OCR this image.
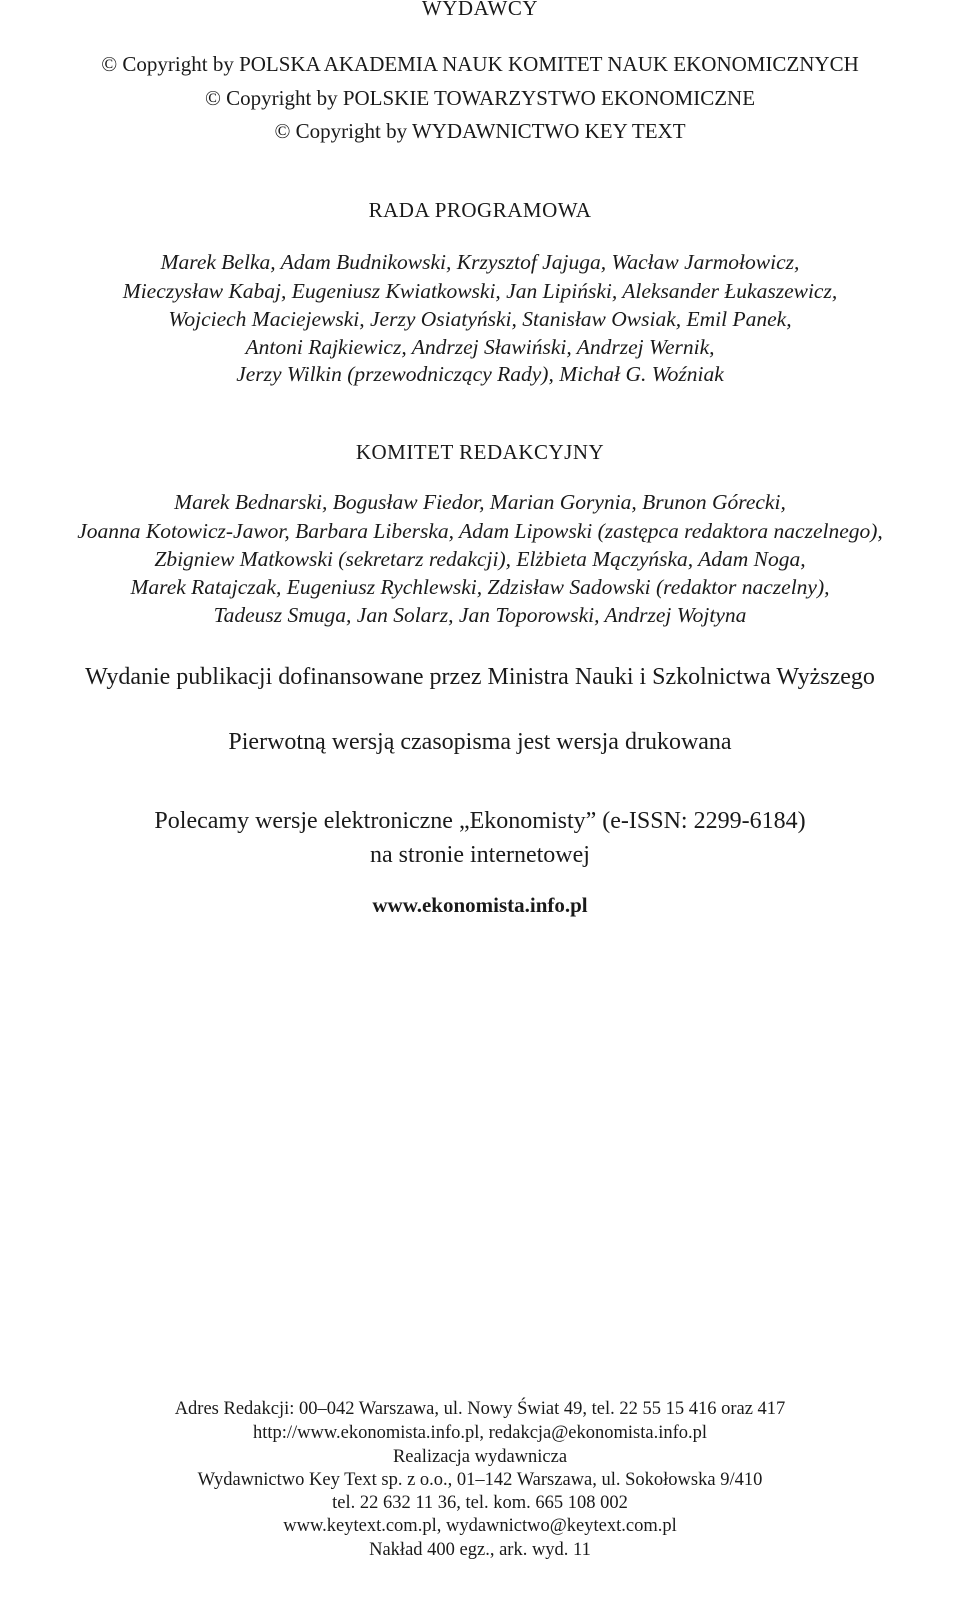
WYDAWCY
© Copyright by POLSKA AKADEMIA NAUK KOMITET NAUK EKONOMICZNYCH
© Copyright by POLSKIE TOWARZYSTWO EKONOMICZNE
© Copyright by WYDAWNICTWO KEY TEXT
RADA PROGRAMOWA
Marek Belka, Adam Budnikowski, Krzysztof Jajuga, Wacław Jarmołowicz,
Mieczysław Kabaj, Eugeniusz Kwiatkowski, Jan Lipiński, Aleksander Łukaszewicz,
Wojciech Maciejewski, Jerzy Osiatyński, Stanisław Owsiak, Emil Panek,
Antoni Rajkiewicz, Andrzej Sławiński, Andrzej Wernik,
Jerzy Wilkin (przewodniczący Rady), Michał G. Woźniak
KOMITET REDAKCYJNY
Marek Bednarski, Bogusław Fiedor, Marian Gorynia, Brunon Górecki,
Joanna Kotowicz-Jawor, Barbara Liberska, Adam Lipowski (zastępca redaktora naczelnego),
Zbigniew Matkowski (sekretarz redakcji), Elżbieta Mączyńska, Adam Noga,
Marek Ratajczak, Eugeniusz Rychlewski, Zdzisław Sadowski (redaktor naczelny),
Tadeusz Smuga, Jan Solarz, Jan Toporowski, Andrzej Wojtyna
Wydanie publikacji dofinansowane przez Ministra Nauki i Szkolnictwa Wyższego
Pierwotną wersją czasopisma jest wersja drukowana
Polecamy wersje elektroniczne „Ekonomisty” (e-ISSN: 2299-6184)
na stronie internetowej
www.ekonomista.info.pl
Adres Redakcji: 00–042 Warszawa, ul. Nowy Świat 49, tel. 22 55 15 416 oraz 417
http://www.ekonomista.info.pl, redakcja@ekonomista.info.pl
Realizacja wydawnicza
Wydawnictwo Key Text sp. z o.o., 01–142 Warszawa, ul. Sokołowska 9/410
tel. 22 632 11 36, tel. kom. 665 108 002
www.keytext.com.pl, wydawnictwo@keytext.com.pl
Nakład 400 egz., ark. wyd. 11
